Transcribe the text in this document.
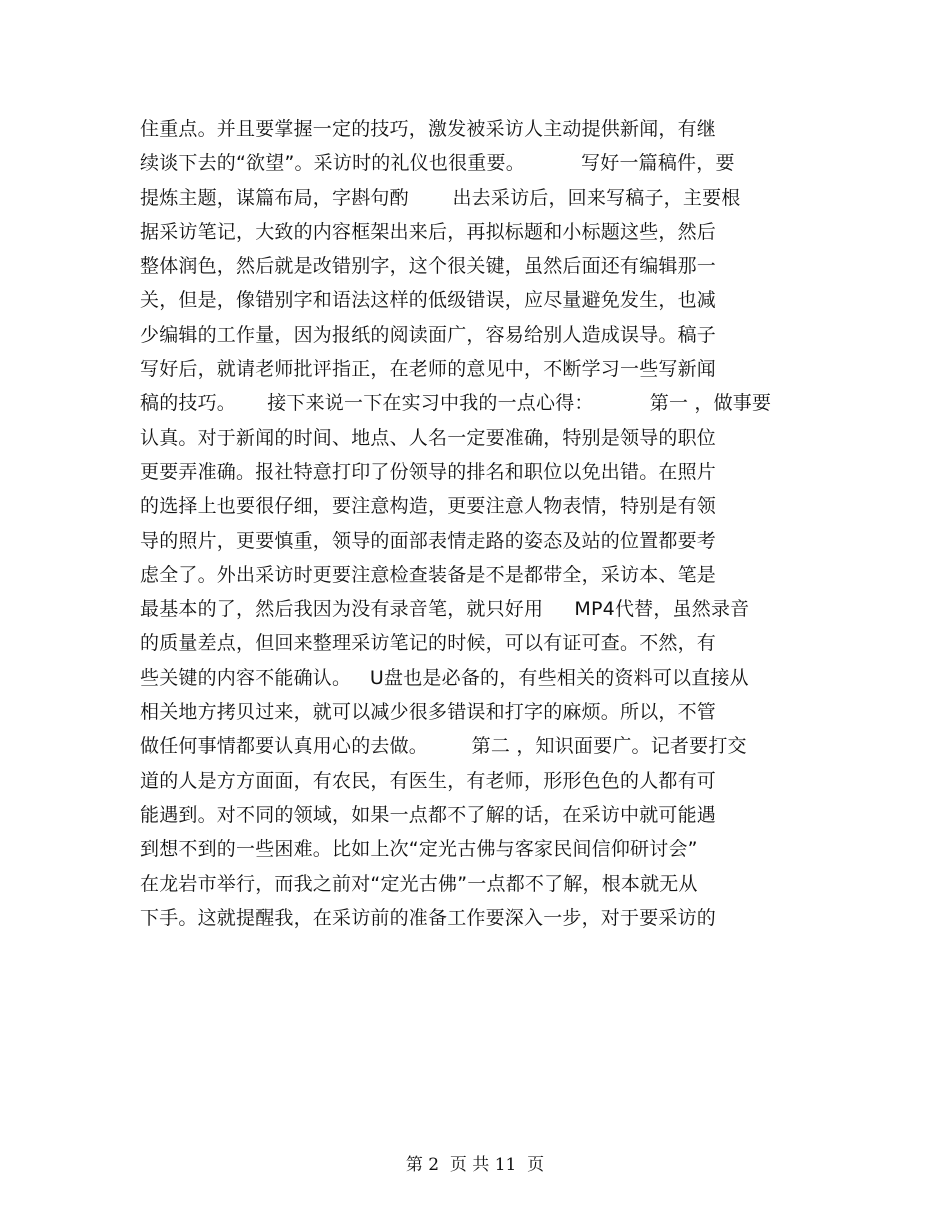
住重点。并且要掌握一定的技巧，激发被采访人主动提供新闻，有继
续谈下去的“欲望”。采访时的礼仪也很重要。         写好一篇稿件，要
提炼主题，谋篇布局，字斟句酌       出去采访后，回来写稿子，主要根
据采访笔记，大致的内容框架出来后，再拟标题和小标题这些，然后
整体润色，然后就是改错别字，这个很关键，虽然后面还有编辑那一
关，但是，像错别字和语法这样的低级错误，应尽量避免发生，也减
少编辑的工作量，因为报纸的阅读面广，容易给别人造成误导。稿子
写好后，就请老师批评指正，在老师的意见中，不断学习一些写新闻
稿的技巧。     接下来说一下在实习中我的一点心得：         第一 ，做事要
认真。对于新闻的时间、地点、人名一定要准确，特别是领导的职位
更要弄准确。报社特意打印了份领导的排名和职位以免出错。在照片
的选择上也要很仔细，要注意构造，更要注意人物表情，特别是有领
导的照片，更要慎重，领导的面部表情走路的姿态及站的位置都要考
虑全了。外出采访时更要注意检查装备是不是都带全，采访本、笔是
最基本的了，然后我因为没有录音笔，就只好用     MP4代替，虽然录音
的质量差点，但回来整理采访笔记的时候，可以有证可查。不然，有
些关键的内容不能确认。   U盘也是必备的，有些相关的资料可以直接从
相关地方拷贝过来，就可以减少很多错误和打字的麻烦。所以，不管
做任何事情都要认真用心的去做。       第二 ，知识面要广。记者要打交
道的人是方方面面，有农民，有医生，有老师，形形色色的人都有可
能遇到。对不同的领域，如果一点都不了解的话，在采访中就可能遇
到想不到的一些困难。比如上次“定光古佛与客家民间信仰研讨会”
在龙岩市举行，而我之前对“定光古佛”一点都不了解，根本就无从
下手。这就提醒我，在采访前的准备工作要深入一步，对于要采访的
第 2  页 共 11  页
